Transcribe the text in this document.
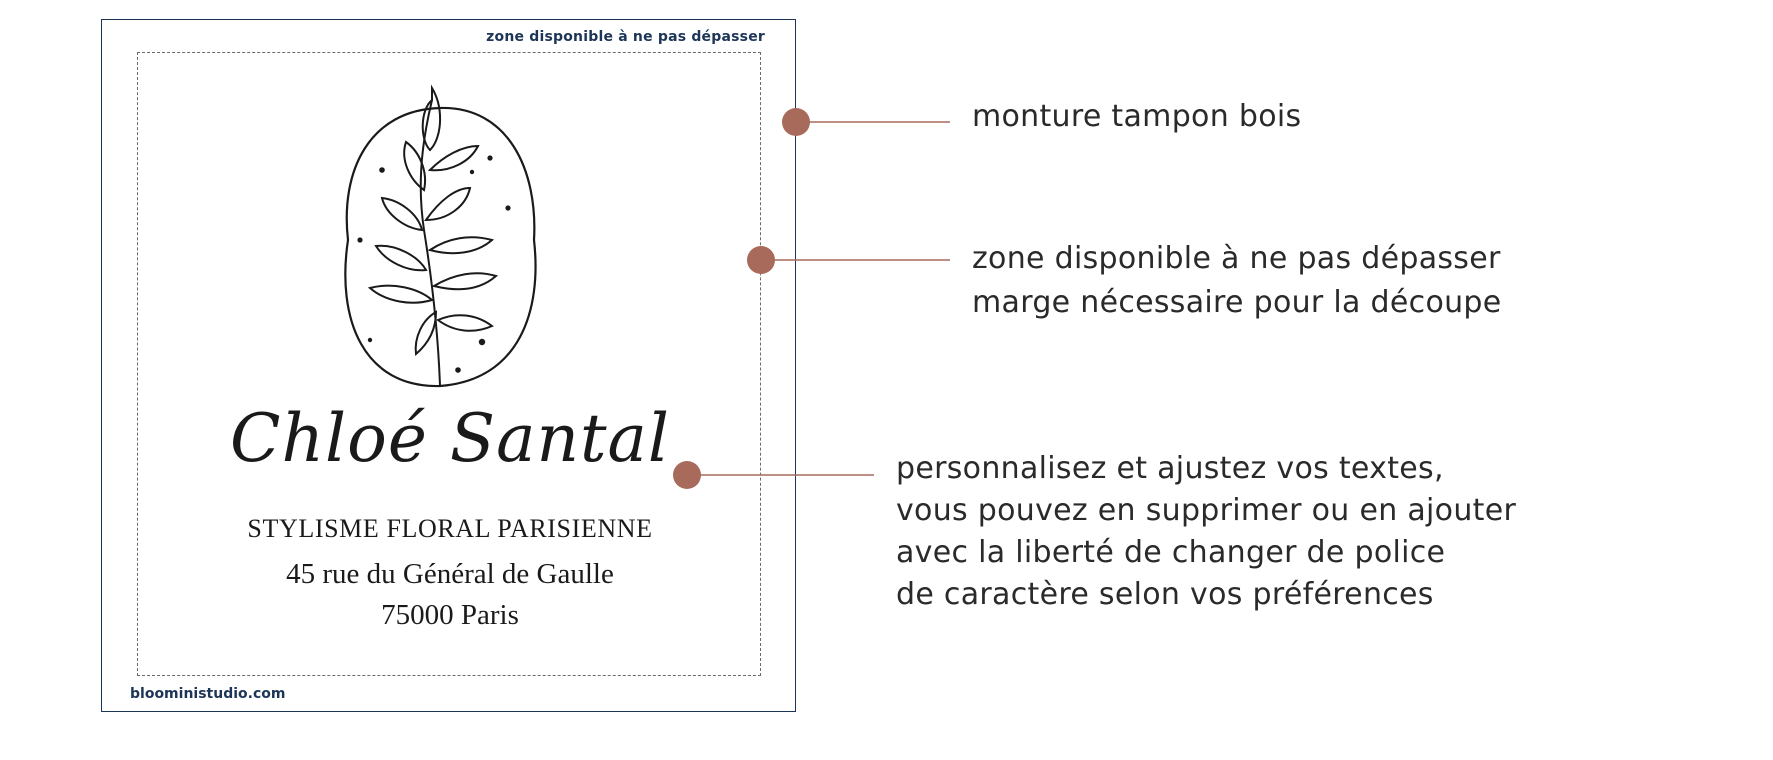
zone disponible à ne pas dépasser
blooministudio.com
Chloé Santal
STYLISME FLORAL PARISIENNE
45 rue du Général de Gaulle
75000 Paris
monture tampon bois
zone disponible à ne pas dépasser
marge nécessaire pour la découpe
personnalisez et ajustez vos textes,
vous pouvez en supprimer ou en ajouter
avec la liberté de changer de police
de caractère selon vos préférences
